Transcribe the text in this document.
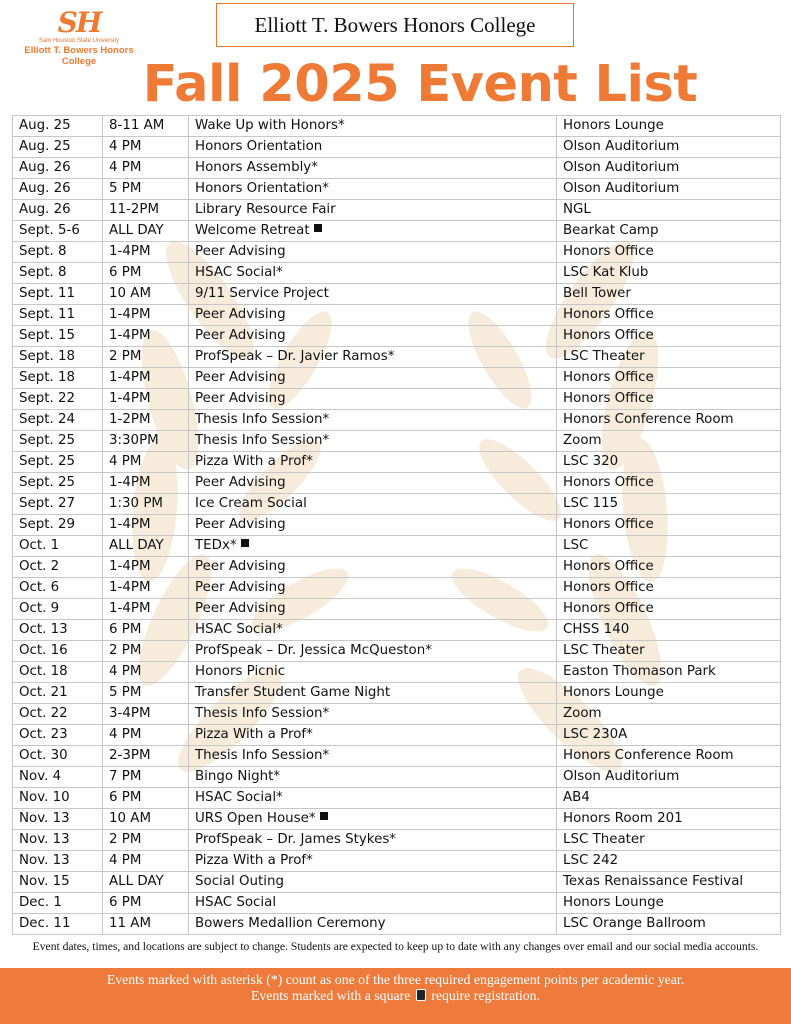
SH
Sam Houston State University
Elliott T. Bowers Honors
College
Elliott T. Bowers Honors College
Fall 2025 Event List
Aug. 25	8-11 AM	Wake Up with Honors*	Honors Lounge
Aug. 25	4 PM	Honors Orientation	Olson Auditorium
Aug. 26	4 PM	Honors Assembly*	Olson Auditorium
Aug. 26	5 PM	Honors Orientation*	Olson Auditorium
Aug. 26	11-2PM	Library Resource Fair	NGL
Sept. 5-6	ALL DAY	Welcome Retreat	Bearkat Camp
Sept. 8	1-4PM	Peer Advising	Honors Office
Sept. 8	6 PM	HSAC Social*	LSC Kat Klub
Sept. 11	10 AM	9/11 Service Project	Bell Tower
Sept. 11	1-4PM	Peer Advising	Honors Office
Sept. 15	1-4PM	Peer Advising	Honors Office
Sept. 18	2 PM	ProfSpeak – Dr. Javier Ramos*	LSC Theater
Sept. 18	1-4PM	Peer Advising	Honors Office
Sept. 22	1-4PM	Peer Advising	Honors Office
Sept. 24	1-2PM	Thesis Info Session*	Honors Conference Room
Sept. 25	3:30PM	Thesis Info Session*	Zoom
Sept. 25	4 PM	Pizza With a Prof*	LSC 320
Sept. 25	1-4PM	Peer Advising	Honors Office
Sept. 27	1:30 PM	Ice Cream Social	LSC 115
Sept. 29	1-4PM	Peer Advising	Honors Office
Oct. 1	ALL DAY	TEDx*	LSC
Oct. 2	1-4PM	Peer Advising	Honors Office
Oct. 6	1-4PM	Peer Advising	Honors Office
Oct. 9	1-4PM	Peer Advising	Honors Office
Oct. 13	6 PM	HSAC Social*	CHSS 140
Oct. 16	2 PM	ProfSpeak – Dr. Jessica McQueston*	LSC Theater
Oct. 18	4 PM	Honors Picnic	Easton Thomason Park
Oct. 21	5 PM	Transfer Student Game Night	Honors Lounge
Oct. 22	3-4PM	Thesis Info Session*	Zoom
Oct. 23	4 PM	Pizza With a Prof*	LSC 230A
Oct. 30	2-3PM	Thesis Info Session*	Honors Conference Room
Nov. 4	7 PM	Bingo Night*	Olson Auditorium
Nov. 10	6 PM	HSAC Social*	AB4
Nov. 13	10 AM	URS Open House*	Honors Room 201
Nov. 13	2 PM	ProfSpeak – Dr. James Stykes*	LSC Theater
Nov. 13	4 PM	Pizza With a Prof*	LSC 242
Nov. 15	ALL DAY	Social Outing	Texas Renaissance Festival
Dec. 1	6 PM	HSAC Social	Honors Lounge
Dec. 11	11 AM	Bowers Medallion Ceremony	LSC Orange Ballroom
Event dates, times, and locations are subject to change. Students are expected to keep up to date with any changes over email and our social media accounts.
Events marked with asterisk (*) count as one of the three required engagement points per academic year.
Events marked with a square require registration.
